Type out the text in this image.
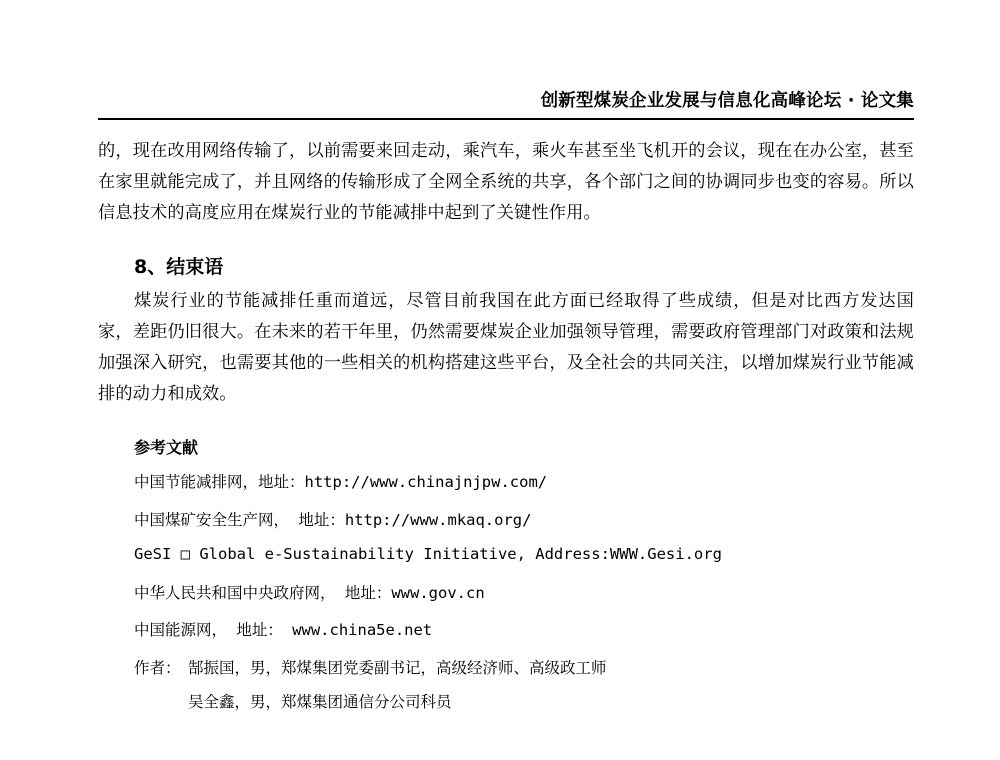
创新型煤炭企业发展与信息化高峰论坛 · 论文集

的，现在改用网络传输了，以前需要来回走动，乘汽车，乘火车甚至坐飞机开的会议，现在在办公室，甚至在家里就能完成了，并且网络的传输形成了全网全系统的共享，各个部门之间的协调同步也变的容易。所以信息技术的高度应用在煤炭行业的节能减排中起到了关键性作用。

8、结束语

煤炭行业的节能减排任重而道远，尽管目前我国在此方面已经取得了些成绩，但是对比西方发达国家，差距仍旧很大。在未来的若干年里，仍然需要煤炭企业加强领导管理，需要政府管理部门对政策和法规加强深入研究，也需要其他的一些相关的机构搭建这些平台，及全社会的共同关注，以增加煤炭行业节能减排的动力和成效。

参考文献
中国节能减排网，地址：http://www.chinajnjpw.com/
中国煤矿安全生产网， 地址：http://www.mkaq.org/
GeSI □ Global e-Sustainability Initiative, Address:WWW.Gesi.org
中华人民共和国中央政府网， 地址：www.gov.cn
中国能源网， 地址： www.china5e.net
作者： 郜振国，男，郑煤集团党委副书记，高级经济师、高级政工师
吴全鑫，男，郑煤集团通信分公司科员
